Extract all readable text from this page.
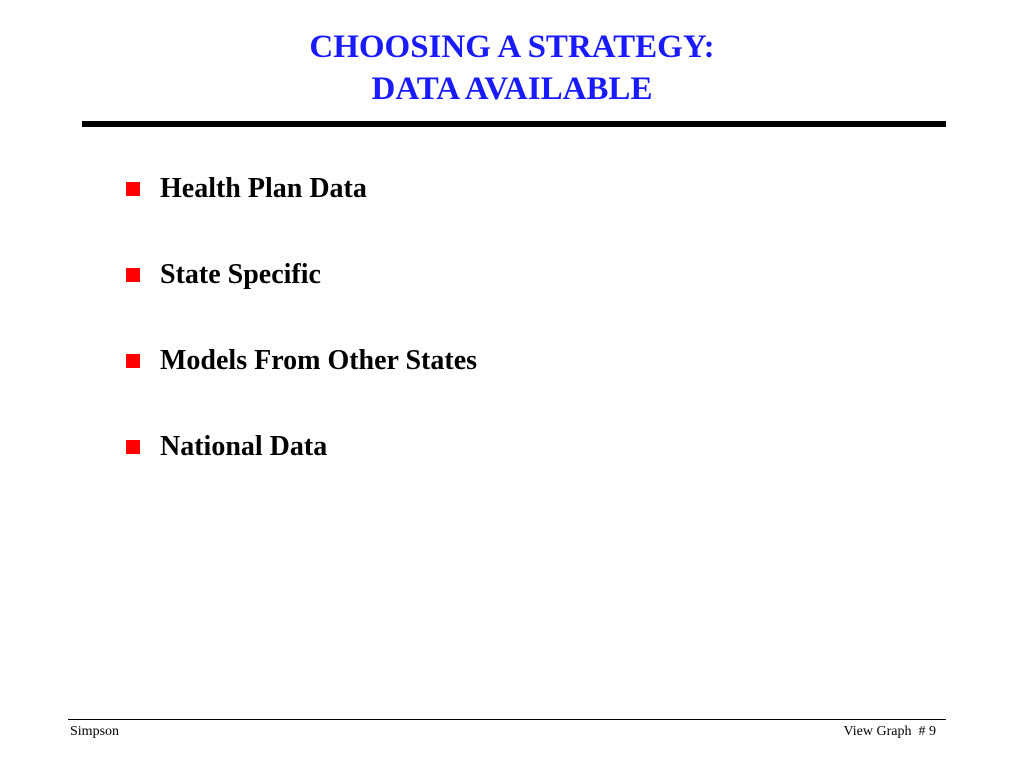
CHOOSING A STRATEGY:
DATA AVAILABLE
Health Plan Data
State Specific
Models From Other States
National Data
Simpson	View Graph  # 9
